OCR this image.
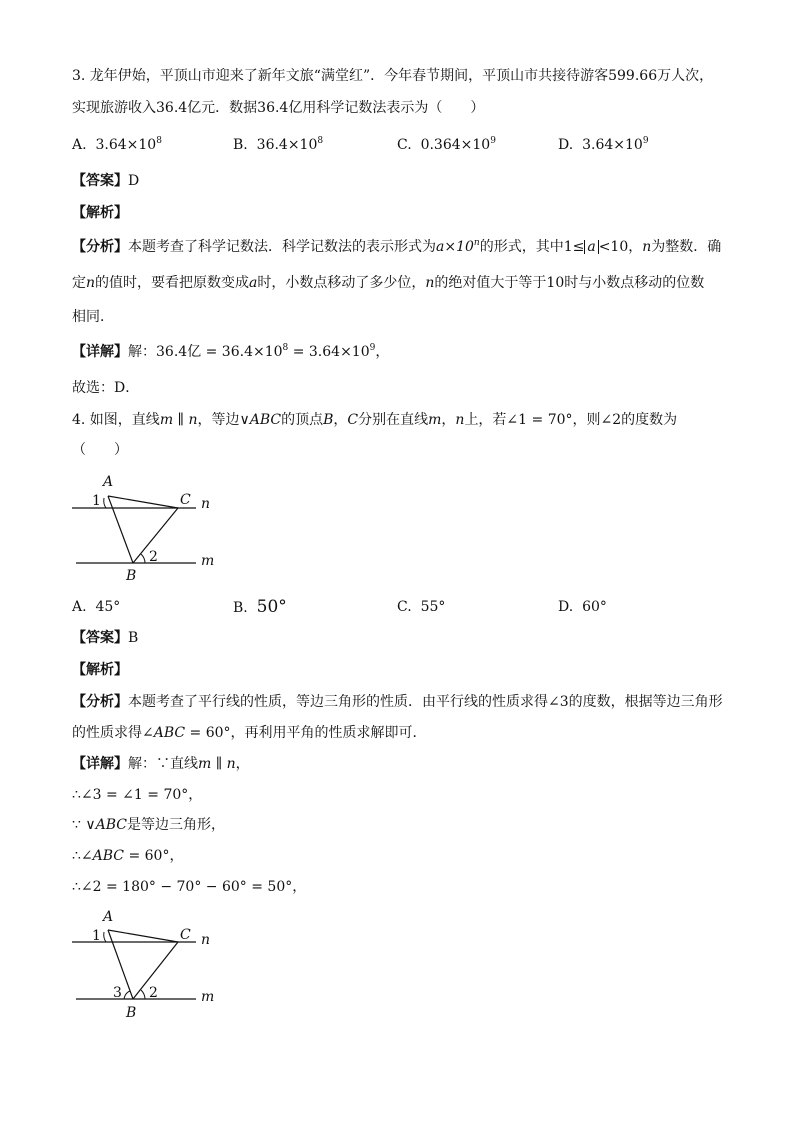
3. 龙年伊始，平顶山市迎来了新年文旅“满堂红”．今年春节期间，平顶山市共接待游客599.66万人次，
实现旅游收入36.4亿元．数据36.4亿用科学记数法表示为（　　）
A. $3.64\times 10^8$	B. $36.4\times 10^8$	C. $0.364\times 10^9$	D. $3.64\times 10^9$
【答案】D
【解析】
【分析】本题考查了科学记数法．科学记数法的表示形式为$a\times 10^n$的形式，其中1≤ a <10，n为整数．确
定n的值时，要看把原数变成a时，小数点移动了多少位，n的绝对值大于等于10时与小数点移动的位数
相同．
【详解】解：36.4亿 = $36.4\times 10^8 = 3.64\times 10^9$，
故选：D．
4. 如图，直线m ∥ n，等边∨ABC的顶点B，C分别在直线m，n上，若∠1 = 70°，则∠2的度数为
（　　）
A
C
B
n
m
1
2
A. 45°	B. 50°	C. 55°	D. 60°
【答案】B
【解析】
【分析】本题考查了平行线的性质，等边三角形的性质．由平行线的性质求得∠3的度数，根据等边三角形
的性质求得∠ABC = 60°，再利用平角的性质求解即可．
【详解】解：∵直线m ∥ n，
∴∠3 = ∠1 = 70°，
∵ ∨ABC是等边三角形，
∴∠ABC = 60°，
∴∠2 = 180° − 70° − 60° = 50°，
A
C
B
n
m
1
2
3
